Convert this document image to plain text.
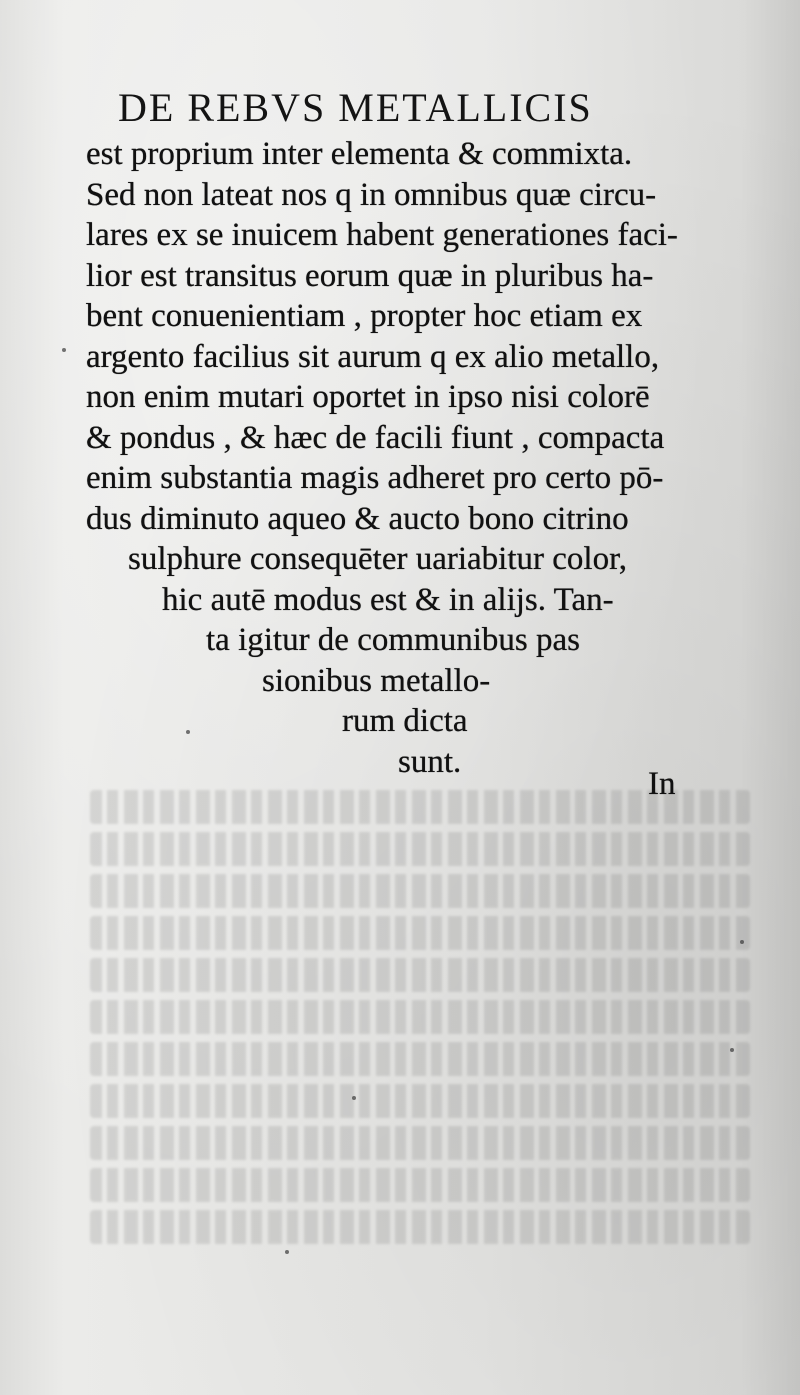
DE REBVS METALLICIS
est proprium inter elementa & commixta.
Sed non lateat nos q in omnibus quæ circu-
lares ex se inuicem habent generationes faci-
lior est transitus eorum quæ in pluribus ha-
bent conuenientiam , propter hoc etiam ex
argento facilius sit aurum q ex alio metallo,
non enim mutari oportet in ipso nisi colorē
& pondus , & hæc de facili fiunt , compacta
enim substantia magis adheret pro certo pō-
dus diminuto aqueo & aucto bono citrino
sulphure consequēter uariabitur color,
hic autē modus est & in alijs. Tan-
ta igitur de communibus pas
sionibus metallo-
rum dicta
sunt.
In
